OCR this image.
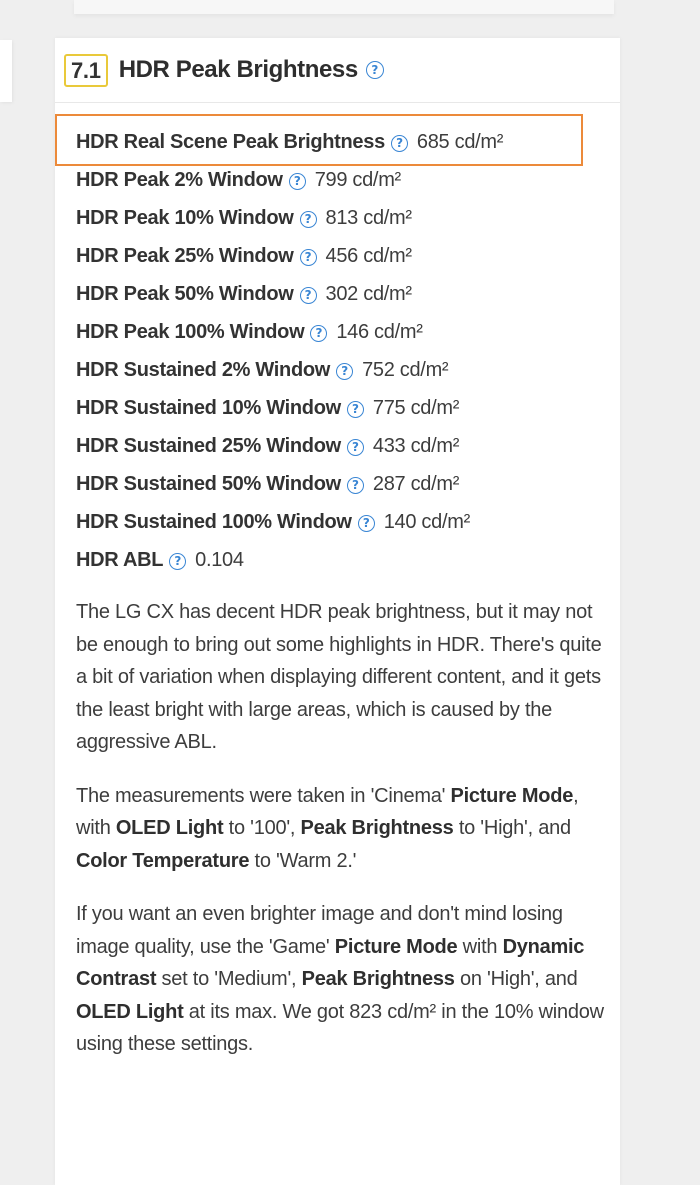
7.1 HDR Peak Brightness	?
HDR Real Scene Peak Brightness ? 685 cd/m²
HDR Peak 2% Window ? 799 cd/m²
HDR Peak 10% Window ? 813 cd/m²
HDR Peak 25% Window ? 456 cd/m²
HDR Peak 50% Window ? 302 cd/m²
HDR Peak 100% Window ? 146 cd/m²
HDR Sustained 2% Window ? 752 cd/m²
HDR Sustained 10% Window ? 775 cd/m²
HDR Sustained 25% Window ? 433 cd/m²
HDR Sustained 50% Window ? 287 cd/m²
HDR Sustained 100% Window ? 140 cd/m²
HDR ABL ? 0.104

The LG CX has decent HDR peak brightness, but it may not be enough to bring out some highlights in HDR. There's quite a bit of variation when displaying different content, and it gets the least bright with large areas, which is caused by the aggressive ABL.

The measurements were taken in 'Cinema' Picture Mode, with OLED Light to '100', Peak Brightness to 'High', and Color Temperature to 'Warm 2.'

If you want an even brighter image and don't mind losing image quality, use the 'Game' Picture Mode with Dynamic Contrast set to 'Medium', Peak Brightness on 'High', and OLED Light at its max. We got 823 cd/m² in the 10% window using these settings.
